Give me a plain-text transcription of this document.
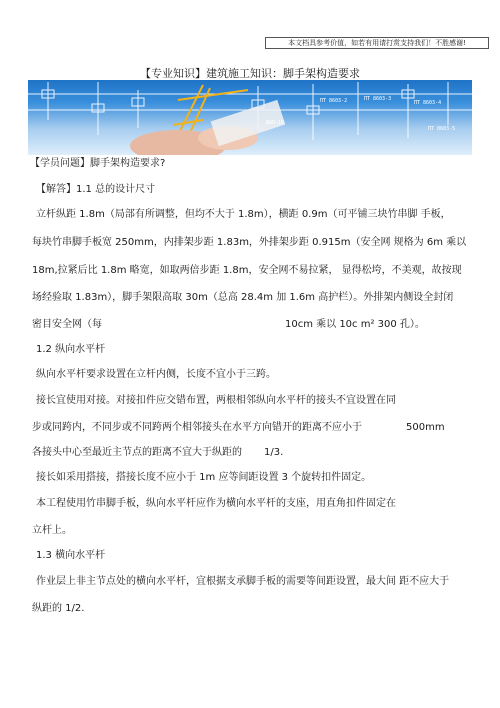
本文档具参考价值，如若有用请打赏支持我们！不胜感谢!
【专业知识】建筑施工知识：脚手架构造要求
ШАП-10
ПТ 8603-2	ПТ 8603-3
ПТ 8603-4
ПТ 8603-5
【学员问题】脚手架构造要求?
【解答】1.1 总的设计尺寸
立杆纵距 1.8m（局部有所调整，但均不大于 1.8m），横距 0.9m（可平铺三块竹串脚 手板，
每块竹串脚手板宽 250mm，内排架步距 1.83m，外排架步距 0.915m（安全网 规格为 6m 乘以
18m,拉紧后比 1.8m 略宽，如取两倍步距 1.8m，安全网不易拉紧， 显得松垮，不美观，故按现
场经验取 1.83m），脚手架限高取 30m（总高 28.4m 加 1.6m 高护栏）。外排架内侧设全封闭
密目安全网（每	10cm 乘以 10c m² 300 孔）。
1.2 纵向水平杆
纵向水平杆要求设置在立杆内侧，长度不宜小于三跨。
接长宜使用对接。对接扣件应交错布置，两根相邻纵向水平杆的接头不宜设置在同
步或同跨内，不同步或不同跨两个相邻接头在水平方向错开的距离不应小于	500mm
各接头中心至最近主节点的距离不宜大于纵距的 1/3.
接长如采用搭接，搭接长度不应小于 1m 应等间距设置 3 个旋转扣件固定。
本工程使用竹串脚手板，纵向水平杆应作为横向水平杆的支座，用直角扣件固定在
立杆上。
1.3 横向水平杆
作业层上非主节点处的横向水平杆，宜根据支承脚手板的需要等间距设置，最大间 距不应大于
纵距的 1/2.
